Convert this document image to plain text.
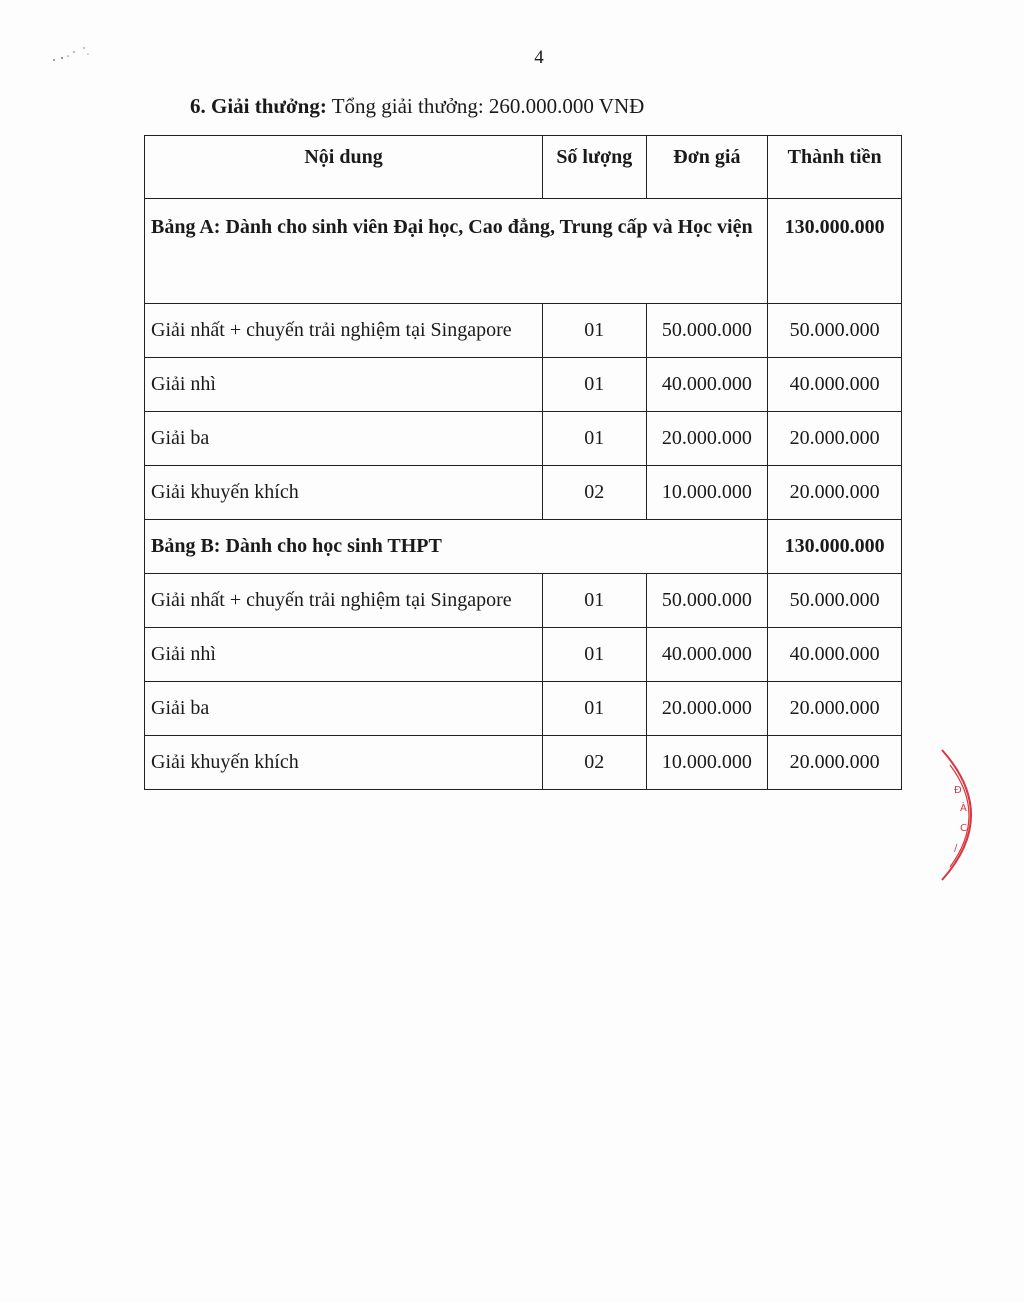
4
6. Giải thưởng: Tổng giải thưởng: 260.000.000 VNĐ
Nội dung	Số lượng	Đơn giá	Thành tiền
Bảng A: Dành cho sinh viên Đại học, Cao đẳng, Trung cấp và Học viện			130.000.000
Giải nhất + chuyến trải nghiệm tại Singapore	01	50.000.000	50.000.000
Giải nhì	01	40.000.000	40.000.000
Giải ba	01	20.000.000	20.000.000
Giải khuyến khích	02	10.000.000	20.000.000
Bảng B: Dành cho học sinh THPT			130.000.000
Giải nhất + chuyến trải nghiệm tại Singapore	01	50.000.000	50.000.000
Giải nhì	01	40.000.000	40.000.000
Giải ba	01	20.000.000	20.000.000
Giải khuyến khích	02	10.000.000	20.000.000
Đ
À
C
/
